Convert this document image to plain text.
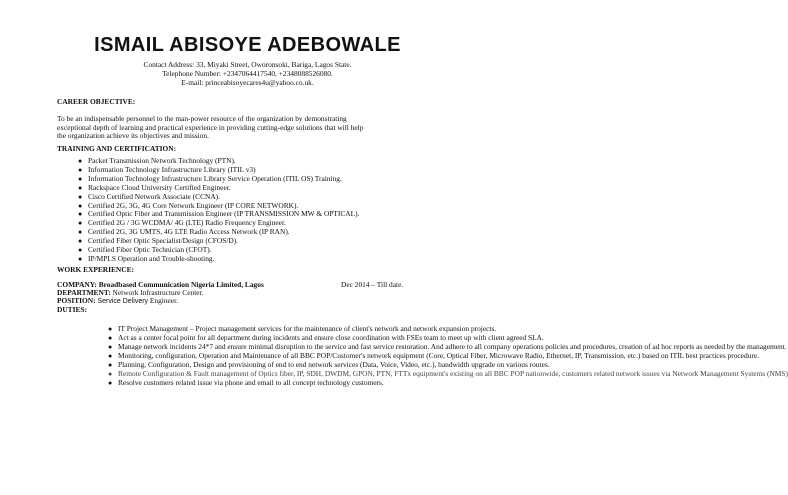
ISMAIL ABISOYE ADEBOWALE
Contact Address: 33, Miyaki Street, Oworonsoki, Bariga, Lagos State.
Telephone Number: +2347064417540, +2348088526080.
E-mail: princeabisoyecares4u@yahoo.co.uk.
CAREER OBJECTIVE:
To be an indispensable personnel to the man-power resource of the organization by demonstrating
exceptional depth of learning and practical experience in providing cutting-edge solutions that will help
the organization achieve its objectives and mission.
TRAINING AND CERTIFICATION:
● Packet Transmission Network Technology (PTN).
● Information Technology Infrastructure Library (ITIL v3)
● Information Technology Infrastructure Library Service Operation (ITIL OS) Training.
● Rackspace Cloud University Certified Engineer.
● Cisco Certified Network Associate (CCNA).
● Certified 2G, 3G, 4G Core Network Engineer (IP CORE NETWORK).
● Certified Optic Fiber and Transmission Engineer (IP TRANSMISSION MW & OPTICAL).
● Certified 2G / 3G WCDMA/ 4G (LTE) Radio Frequency Engineer.
● Certified 2G, 3G UMTS, 4G LTE Radio Access Network (IP RAN).
● Certified Fiber Optic Specialist/Design (CFOS/D).
● Certified Fiber Optic Technician (CFOT).
● IP/MPLS Operation and Trouble-shooting.
WORK EXPERIENCE:
COMPANY: Broadbased Communication Nigeria Limited, Lagos	Dec 2014 – Till date.
DEPARTMENT: Network Infrastructure Center.
POSITION: Service Delivery Engineer.
DUTIES:
● IT Project Management – Project management services for the maintenance of client's network and network expansion projects.
● Act as a center focal point for all department during incidents and ensure close coordination with FSEs team to meet up with client agreed SLA.
● Manage network incidents 24*7 and ensure minimal disruption to the service and fast service restoration. And adhere to all company operations policies and procedures, creation of ad hoc reports as needed by the management.
● Monitoring, configuration, Operation and Maintenance of all BBC POP/Customer's network equipment (Core, Optical Fiber, Microwave Radio, Ethernet, IP, Transmission, etc.) based on ITIL best practices procedure.
● Planning, Configuration, Design and provisioning of end to end network services (Data, Voice, Video, etc.), bandwidth upgrade on various routes.
● Remote Configuration & Fault management of Optics fiber, IP, SDH, DWDM, GPON, PTN, FTTx equipment's existing on all BBC POP nationwide, customers related network issues via Network Management Systems (NMS)
● Resolve customers related issue via phone and email to all concept technology customers.
